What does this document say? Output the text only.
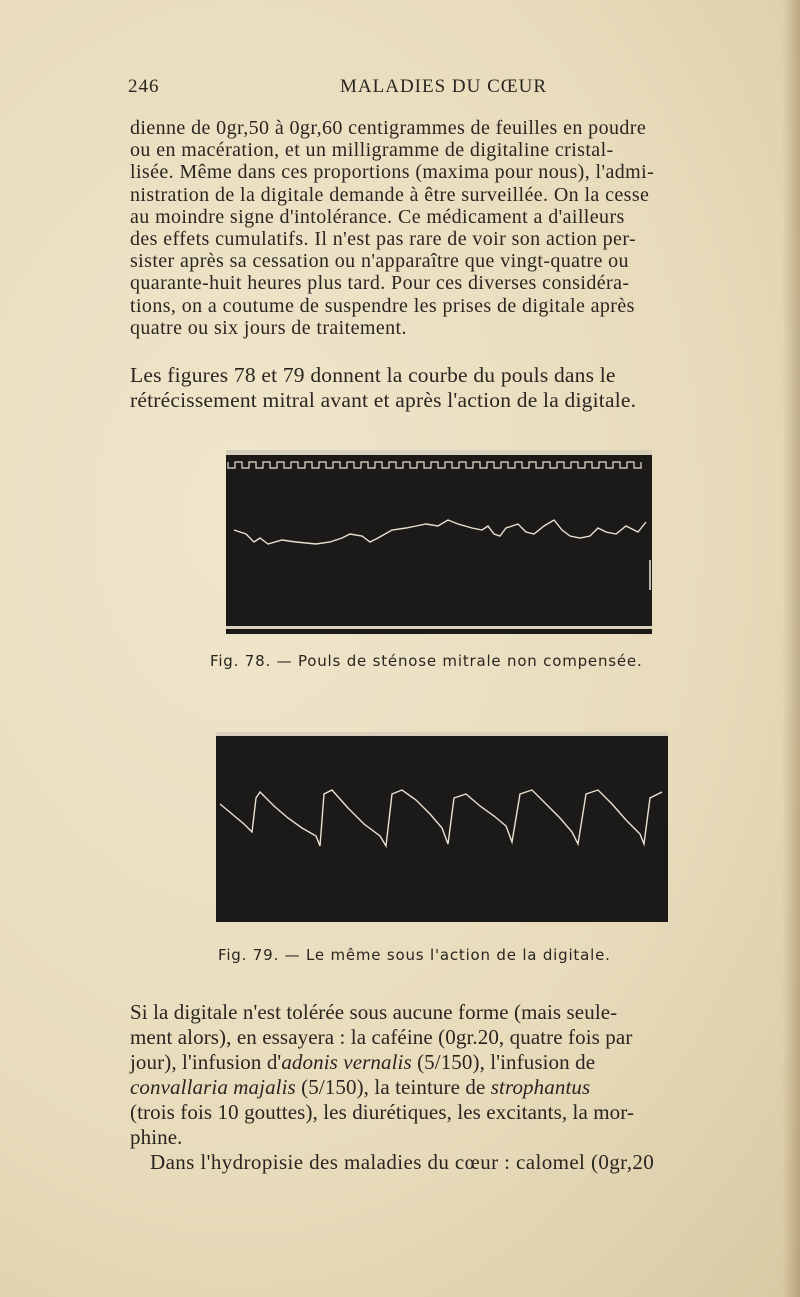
246	MALADIES DU CŒUR
dienne de 0gr,50 à 0gr,60 centigrammes de feuilles en poudre
ou en macération, et un milligramme de digitaline cristal-
lisée. Même dans ces proportions (maxima pour nous), l'admi-
nistration de la digitale demande à être surveillée. On la cesse
au moindre signe d'intolérance. Ce médicament a d'ailleurs
des effets cumulatifs. Il n'est pas rare de voir son action per-
sister après sa cessation ou n'apparaître que vingt-quatre ou
quarante-huit heures plus tard. Pour ces diverses considéra-
tions, on a coutume de suspendre les prises de digitale après
quatre ou six jours de traitement.
Les figures 78 et 79 donnent la courbe du pouls dans le
rétrécissement mitral avant et après l'action de la digitale.
Fig. 78. — Pouls de sténose mitrale non compensée.
Fig. 79. — Le même sous l'action de la digitale.
Si la digitale n'est tolérée sous aucune forme (mais seule-
ment alors), en essayera : la caféine (0gr.20, quatre fois par
jour), l'infusion d'adonis vernalis (5/150), l'infusion de
convallaria majalis (5/150), la teinture de strophantus
(trois fois 10 gouttes), les diurétiques, les excitants, la mor-
phine.
Dans l'hydropisie des maladies du cœur : calomel (0gr,20
